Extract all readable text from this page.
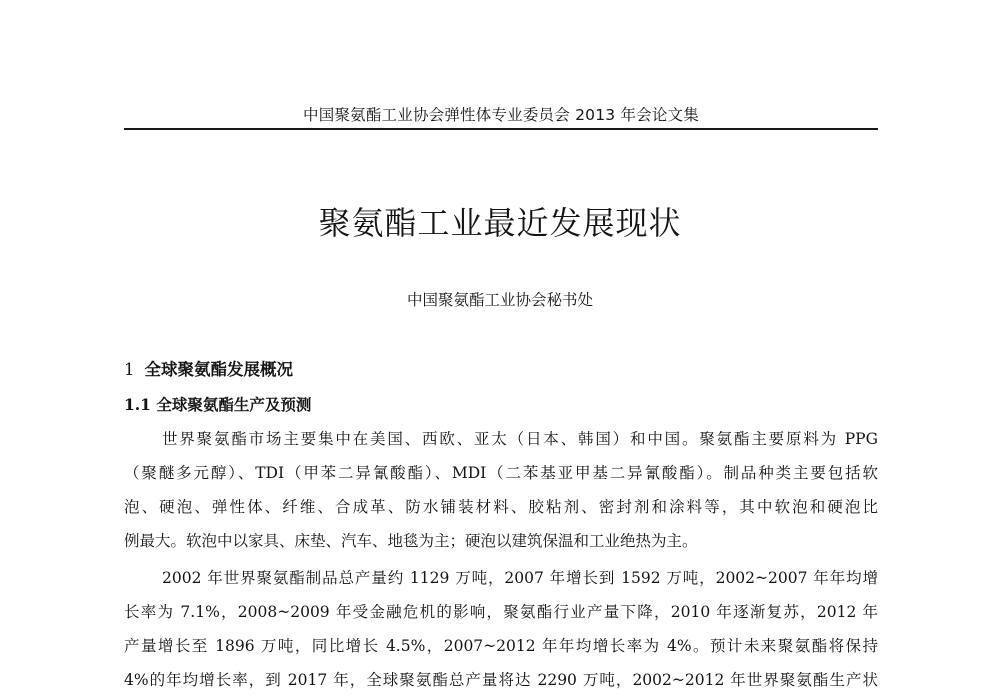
中国聚氨酯工业协会弹性体专业委员会 2013 年会论文集
聚氨酯工业最近发展现状
中国聚氨酯工业协会秘书处
1 全球聚氨酯发展概况
1.1 全球聚氨酯生产及预测
世界聚氨酯市场主要集中在美国、西欧、亚太（日本、韩国）和中国。聚氨酯主要原料为 PPG
（聚醚多元醇）、TDI（甲苯二异氰酸酯）、MDI（二苯基亚甲基二异氰酸酯）。制品种类主要包括软
泡、硬泡、弹性体、纤维、合成革、防水铺装材料、胶粘剂、密封剂和涂料等，其中软泡和硬泡比
例最大。软泡中以家具、床垫、汽车、地毯为主；硬泡以建筑保温和工业绝热为主。
2002 年世界聚氨酯制品总产量约 1129 万吨，2007 年增长到 1592 万吨，2002~2007 年年均增
长率为 7.1%，2008~2009 年受金融危机的影响，聚氨酯行业产量下降，2010 年逐渐复苏，2012 年
产量增长至 1896 万吨，同比增长 4.5%，2007~2012 年年均增长率为 4%。预计未来聚氨酯将保持
4%的年均增长率，到 2017 年，全球聚氨酯总产量将达 2290 万吨，2002~2012 年世界聚氨酯生产状
